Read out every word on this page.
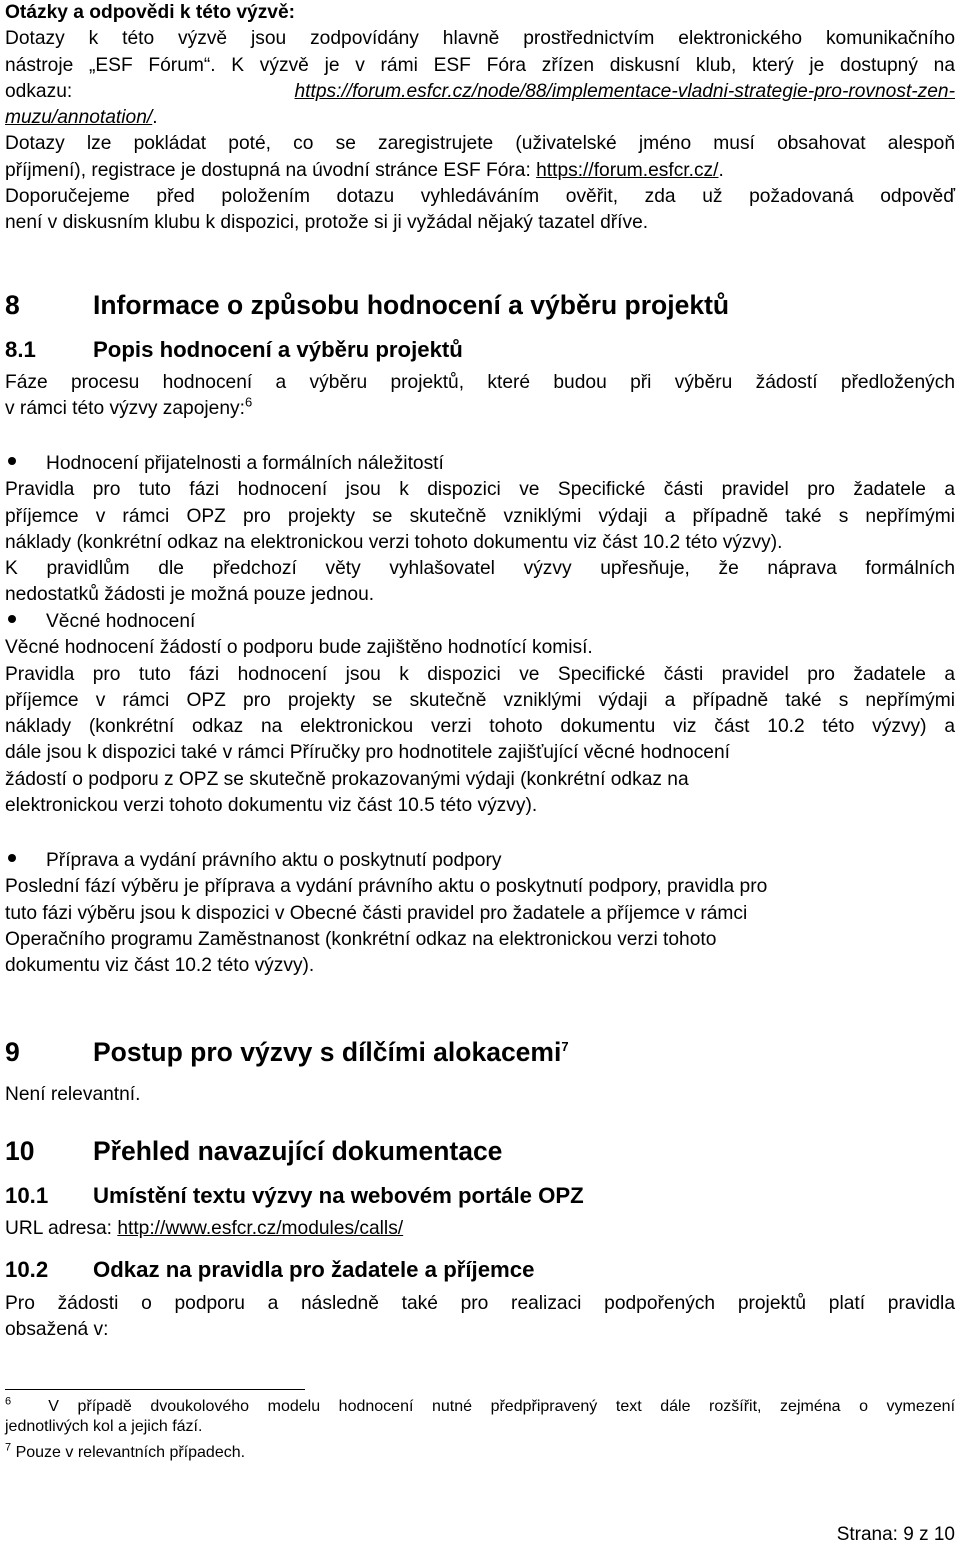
Otázky a odpovědi k této výzvě:
Dotazy k této výzvě jsou zodpovídány hlavně prostřednictvím elektronického komunikačního
nástroje „ESF Fórum“. K výzvě je v rámi ESF Fóra zřízen diskusní klub, který je dostupný na
odkazu: https://forum.esfcr.cz/node/88/implementace-vladni-strategie-pro-rovnost-zen-
muzu/annotation/.
Dotazy lze pokládat poté, co se zaregistrujete (uživatelské jméno musí obsahovat alespoň
příjmení), registrace je dostupná na úvodní stránce ESF Fóra: https://forum.esfcr.cz/.
Doporučejeme před položením dotazu vyhledáváním ověřit, zda už požadovaná odpověď
není v diskusním klubu k dispozici, protože si ji vyžádal nějaký tazatel dříve.
8	Informace o způsobu hodnocení a výběru projektů
8.1	Popis hodnocení a výběru projektů
Fáze procesu hodnocení a výběru projektů, které budou při výběru žádostí předložených
v rámci této výzvy zapojeny:$^6$
Hodnocení přijatelnosti a formálních náležitostí
Pravidla pro tuto fázi hodnocení jsou k dispozici ve Specifické části pravidel pro žadatele a
příjemce v rámci OPZ pro projekty se skutečně vzniklými výdaji a případně také s nepřímými
náklady (konkrétní odkaz na elektronickou verzi tohoto dokumentu viz část 10.2 této výzvy).
K pravidlům dle předchozí věty vyhlašovatel výzvy upřesňuje, že náprava formálních
nedostatků žádosti je možná pouze jednou.
Věcné hodnocení
Věcné hodnocení žádostí o podporu bude zajištěno hodnotící komisí.
Pravidla pro tuto fázi hodnocení jsou k dispozici ve Specifické části pravidel pro žadatele a
příjemce v rámci OPZ pro projekty se skutečně vzniklými výdaji a případně také s nepřímými
náklady (konkrétní odkaz na elektronickou verzi tohoto dokumentu viz část 10.2 této výzvy) a
dále jsou k dispozici také v rámci Příručky pro hodnotitele zajišťující věcné hodnocení
žádostí o podporu z OPZ se skutečně prokazovanými výdaji (konkrétní odkaz na
elektronickou verzi tohoto dokumentu viz část 10.5 této výzvy).
Příprava a vydání právního aktu o poskytnutí podpory
Poslední fází výběru je příprava a vydání právního aktu o poskytnutí podpory, pravidla pro
tuto fázi výběru jsou k dispozici v Obecné části pravidel pro žadatele a příjemce v rámci
Operačního programu Zaměstnanost (konkrétní odkaz na elektronickou verzi tohoto
dokumentu viz část 10.2 této výzvy).
9	Postup pro výzvy s dílčími alokacemi$^7$
Není relevantní.
10 Přehled navazující dokumentace
10.1 Umístění textu výzvy na webovém portále OPZ
URL adresa: http://www.esfcr.cz/modules/calls/
10.2 Odkaz na pravidla pro žadatele a příjemce
Pro žádosti o podporu a následně také pro realizaci podpořených projektů platí pravidla
obsažená v:
$^6$ V případě dvoukolového modelu hodnocení nutné předpřipravený text dále rozšířit, zejména o vymezení
jednotlivých kol a jejich fází.
$^7$ Pouze v relevantních případech.
Strana: 9 z 10
